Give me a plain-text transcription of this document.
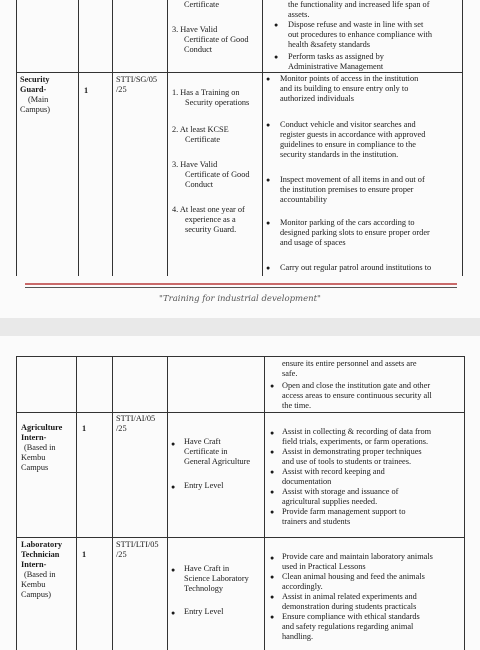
Certificate
3. Have Valid
Certificate of Good
Conduct
the functionality and increased life span of
assets.
● Dispose refuse and waste in line with set
out procedures to enhance compliance with
health &safety standards
● Perform tasks as assigned by
Administrative Management
Security
Guard-
(Main
Campus)
1
STTI/SG/05
/25	1. Has a Training on
Security operations
2. At least KCSE
Certificate
3. Have Valid
Certificate of Good
Conduct
4. At least one year of
experience as a
security Guard.
● Monitor points of access in the institution
and its building to ensure entry only to
authorized individuals
● Conduct vehicle and visitor searches and
register guests in accordance with approved
guidelines to ensure in compliance to the
security standards in the institution.
● Inspect movement of all items in and out of
the institution premises to ensure proper
accountability
● Monitor parking of the cars according to
designed parking slots to ensure proper order
and usage of spaces
● Carry out regular patrol around institutions to
"Training for industrial development"
ensure its entire personnel and assets are
safe.
● Open and close the institution gate and other
access areas to ensure continuous security all
the time.
Agriculture
Intern-
(Based in
Kembu
Campus
1
STTI/AI/05
/25
● Have Craft
Certificate in
General Agriculture
● Entry Level
● Assist in collecting & recording of data from
field trials, experiments, or farm operations.
● Assist in demonstrating proper techniques
and use of tools to students or trainees.
● Assist with record keeping and
documentation
● Assist with storage and issuance of
agricultural supplies needed.
● Provide farm management support to
trainers and students
Laboratory
Technician
Intern-
(Based in
Kembu
Campus)
1
STTI/LTI/05
/25
● Have Craft in
Science Laboratory
Technology
● Entry Level
● Provide care and maintain laboratory animals
used in Practical Lessons
● Clean animal housing and feed the animals
accordingly.
● Assist in animal related experiments and
demonstration during students practicals
● Ensure compliance with ethical standards
and safety regulations regarding animal
handling.
